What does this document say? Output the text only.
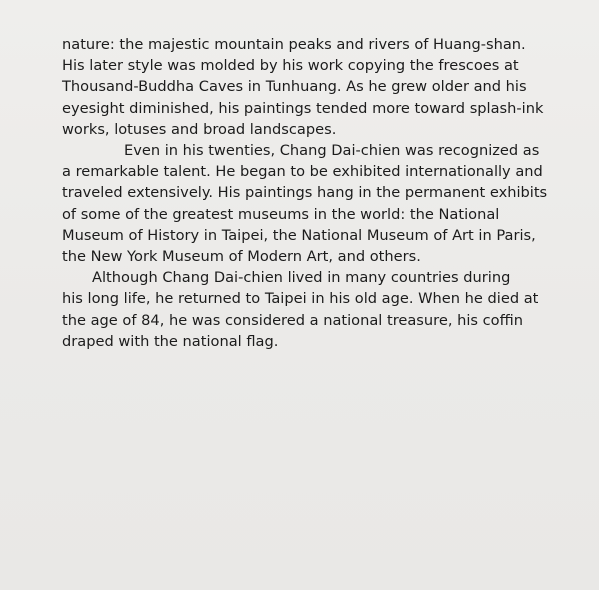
nature: the majestic mountain peaks and rivers of Huang-shan.
His later style was molded by his work copying the frescoes at
Thousand-Buddha Caves in Tunhuang. As he grew older and his
eyesight diminished, his paintings tended more toward splash-ink
works, lotuses and broad landscapes.
Even in his twenties, Chang Dai-chien was recognized as
a remarkable talent. He began to be exhibited internationally and
traveled extensively. His paintings hang in the permanent exhibits
of some of the greatest museums in the world: the National
Museum of History in Taipei, the National Museum of Art in Paris,
the New York Museum of Modern Art, and others.
Although Chang Dai-chien lived in many countries during
his long life, he returned to Taipei in his old age. When he died at
the age of 84, he was considered a national treasure, his coffin
draped with the national flag.
